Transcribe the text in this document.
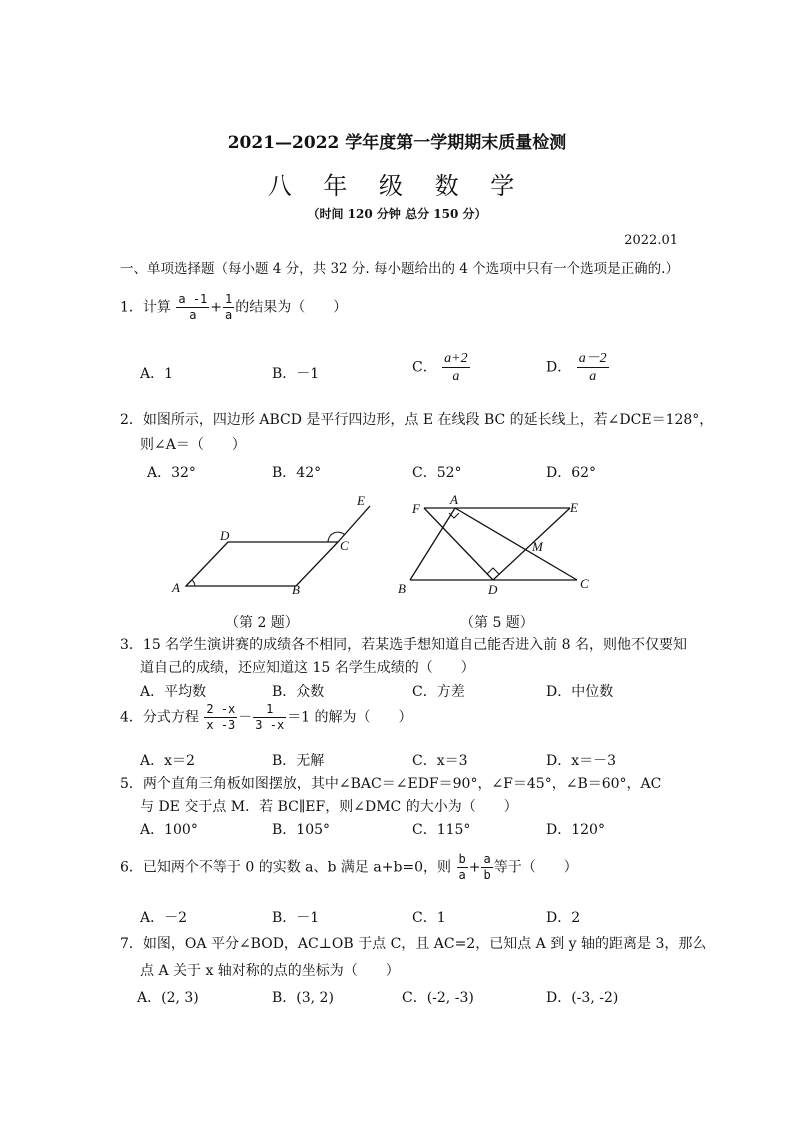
2021—2022 学年度第一学期期末质量检测
八 年 级 数 学
（时间 120 分钟 总分 150 分）
2022.01
一、单项选择题（每小题 4 分，共 32 分. 每小题给出的 4 个选项中只有一个选项是正确的.）
1．计算 $\frac{a -1}{a} + \frac{1}{a}$ 的结果为（　　）
A．1	B．－1	C． $\frac{a+2}{a}$	D． $\frac{a-2}{a}$
2．如图所示，四边形 ABCD 是平行四边形，点 E 在线段 BC 的延长线上，若∠DCE＝128°，
则∠A＝（　　）
A．32°	B．42°	C．52°	D．62°
A	B
C
D
E
F
A
E
M
B	D	C
（第 2 题）	（第 5 题）
3．15 名学生演讲赛的成绩各不相同，若某选手想知道自己能否进入前 8 名，则他不仅要知
道自己的成绩，还应知道这 15 名学生成绩的（　　）
A．平均数	B．众数	C．方差	D．中位数
4．分式方程 $\frac{2 -x}{x -3} - \frac{1}{3 -x} =1$ 的解为（　　）
A．x＝2	B．无解	C．x＝3	D．x＝－3
5．两个直角三角板如图摆放，其中∠BAC＝∠EDF＝90°，∠F＝45°，∠B＝60°，AC
与 DE 交于点 M．若 BC∥EF，则∠DMC 的大小为（　　）
A．100°	B．105°	C．115°	D．120°
6．已知两个不等于 0 的实数 a、b 满足 a+b=0，则 $\frac{b}{a} + \frac{a}{b}$ 等于（　　）
A．－2	B．－1	C．1	D．2
7．如图，OA 平分∠BOD，AC⊥OB 于点 C，且 AC=2，已知点 A 到 y 轴的距离是 3，那么
点 A 关于 x 轴对称的点的坐标为（　　）
A．(2, 3)	B．(3, 2)	C．(-2, -3)	D．(-3, -2)
